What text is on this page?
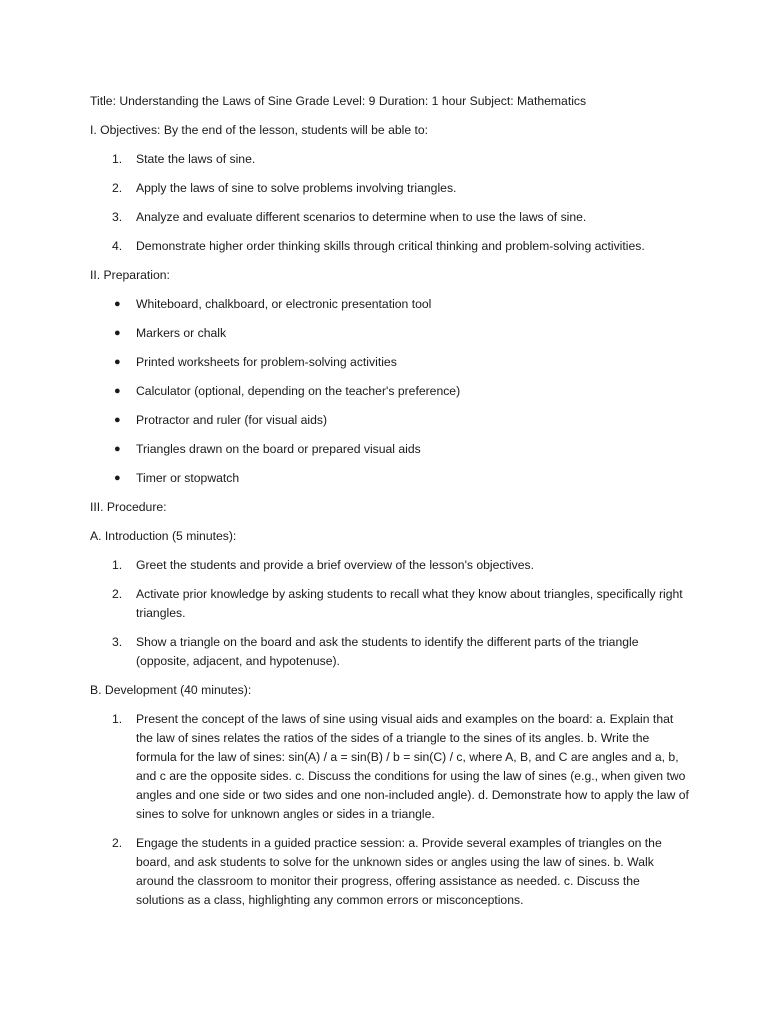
Title: Understanding the Laws of Sine Grade Level: 9 Duration: 1 hour Subject: Mathematics

I. Objectives: By the end of the lesson, students will be able to:

1.	State the laws of sine.
2.	Apply the laws of sine to solve problems involving triangles.
3.	Analyze and evaluate different scenarios to determine when to use the laws of sine.
4.	Demonstrate higher order thinking skills through critical thinking and problem-solving activities.

II. Preparation:

●	Whiteboard, chalkboard, or electronic presentation tool
●	Markers or chalk
●	Printed worksheets for problem-solving activities
●	Calculator (optional, depending on the teacher's preference)
●	Protractor and ruler (for visual aids)
●	Triangles drawn on the board or prepared visual aids
●	Timer or stopwatch

III. Procedure:

A. Introduction (5 minutes):

1.	Greet the students and provide a brief overview of the lesson's objectives.
2.	Activate prior knowledge by asking students to recall what they know about triangles, specifically right triangles.
3.	Show a triangle on the board and ask the students to identify the different parts of the triangle (opposite, adjacent, and hypotenuse).

B. Development (40 minutes):

1.	Present the concept of the laws of sine using visual aids and examples on the board: a. Explain that the law of sines relates the ratios of the sides of a triangle to the sines of its angles. b. Write the formula for the law of sines: sin(A) / a = sin(B) / b = sin(C) / c, where A, B, and C are angles and a, b, and c are the opposite sides. c. Discuss the conditions for using the law of sines (e.g., when given two angles and one side or two sides and one non-included angle). d. Demonstrate how to apply the law of sines to solve for unknown angles or sides in a triangle.
2.	Engage the students in a guided practice session: a. Provide several examples of triangles on the board, and ask students to solve for the unknown sides or angles using the law of sines. b. Walk around the classroom to monitor their progress, offering assistance as needed. c. Discuss the solutions as a class, highlighting any common errors or misconceptions.
